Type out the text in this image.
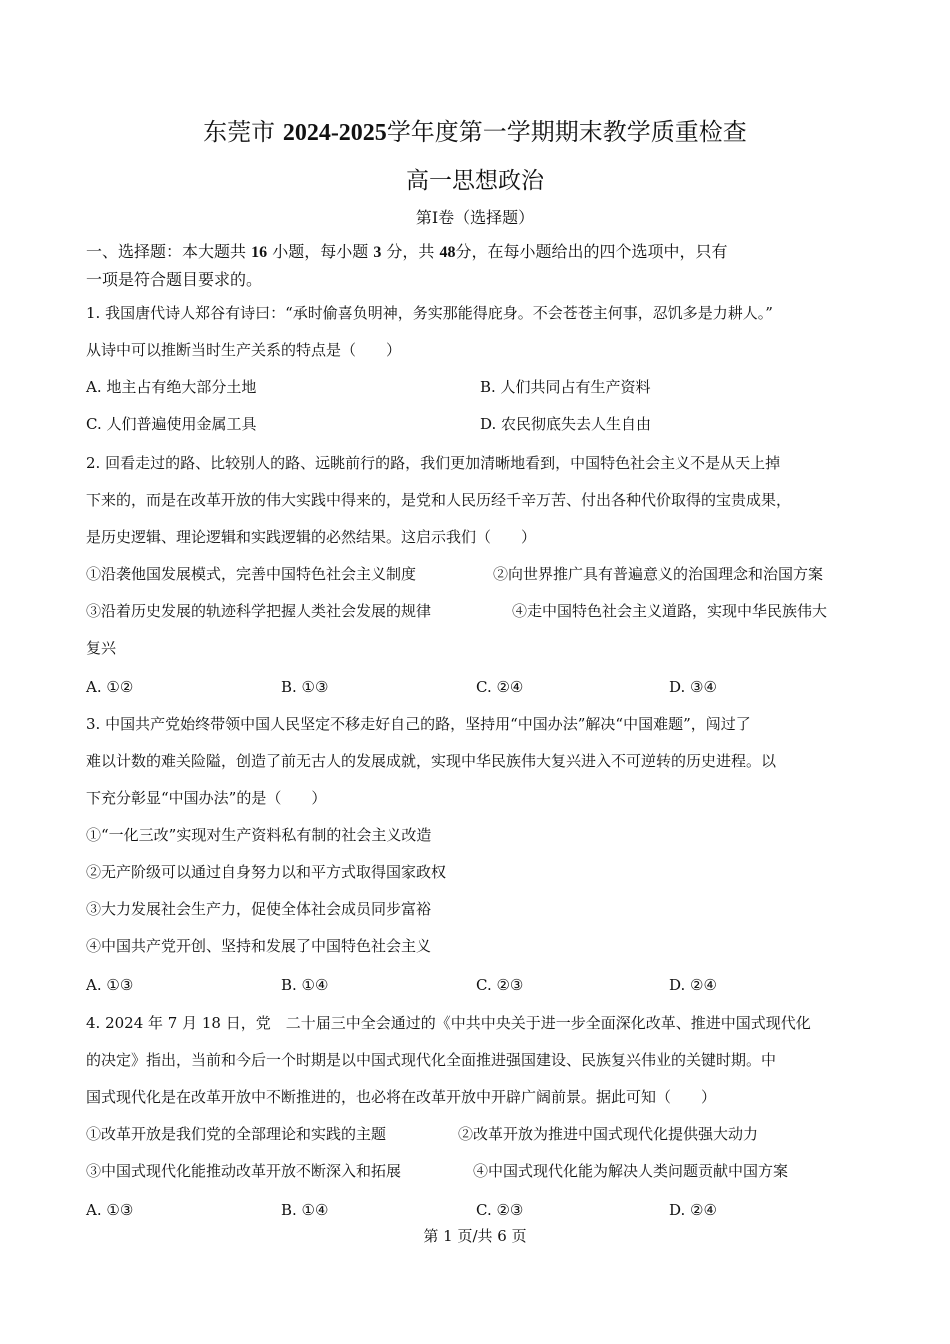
东莞市 2024-2025学年度第一学期期末教学质重检查
高一思想政治
第Ⅰ卷（选择题）
一、选择题：本大题共 16 小题，每小题 3 分，共 48分，在每小题给出的四个选项中，只有
一项是符合题目要求的。
1. 我国唐代诗人郑谷有诗曰：“承时偷喜负明神，务实那能得庇身。不会苍苍主何事，忍饥多是力耕人。”
从诗中可以推断当时生产关系的特点是（　　）
A. 地主占有绝大部分土地	B. 人们共同占有生产资料
C. 人们普遍使用金属工具	D. 农民彻底失去人生自由
2. 回看走过的路、比较别人的路、远眺前行的路，我们更加清晰地看到，中国特色社会主义不是从天上掉
下来的，而是在改革开放的伟大实践中得来的，是党和人民历经千辛万苦、付出各种代价取得的宝贵成果，
是历史逻辑、理论逻辑和实践逻辑的必然结果。这启示我们（　　）
①沿袭他国发展模式，完善中国特色社会主义制度	②向世界推广具有普遍意义的治国理念和治国方案
③沿着历史发展的轨迹科学把握人类社会发展的规律	④走中国特色社会主义道路，实现中华民族伟大
复兴
A. ①②	B. ①③	C. ②④	D. ③④
3. 中国共产党始终带领中国人民坚定不移走好自己的路，坚持用“中国办法”解决“中国难题”，闯过了
难以计数的难关险隘，创造了前无古人的发展成就，实现中华民族伟大复兴进入不可逆转的历史进程。以
下充分彰显“中国办法”的是（　　）
①“一化三改”实现对生产资料私有制的社会主义改造
②无产阶级可以通过自身努力以和平方式取得国家政权
③大力发展社会生产力，促使全体社会成员同步富裕
④中国共产党开创、坚持和发展了中国特色社会主义
A. ①③	B. ①④	C. ②③	D. ②④
4. 2024 年 7 月 18 日，党　二十届三中全会通过的《中共中央关于进一步全面深化改革、推进中国式现代化
的决定》指出，当前和今后一个时期是以中国式现代化全面推进强国建设、民族复兴伟业的关键时期。中
国式现代化是在改革开放中不断推进的，也必将在改革开放中开辟广阔前景。据此可知（　　）
①改革开放是我们党的全部理论和实践的主题	②改革开放为推进中国式现代化提供强大动力
③中国式现代化能推动改革开放不断深入和拓展	④中国式现代化能为解决人类问题贡献中国方案
A. ①③	B. ①④	C. ②③	D. ②④
第 1 页/共 6 页
